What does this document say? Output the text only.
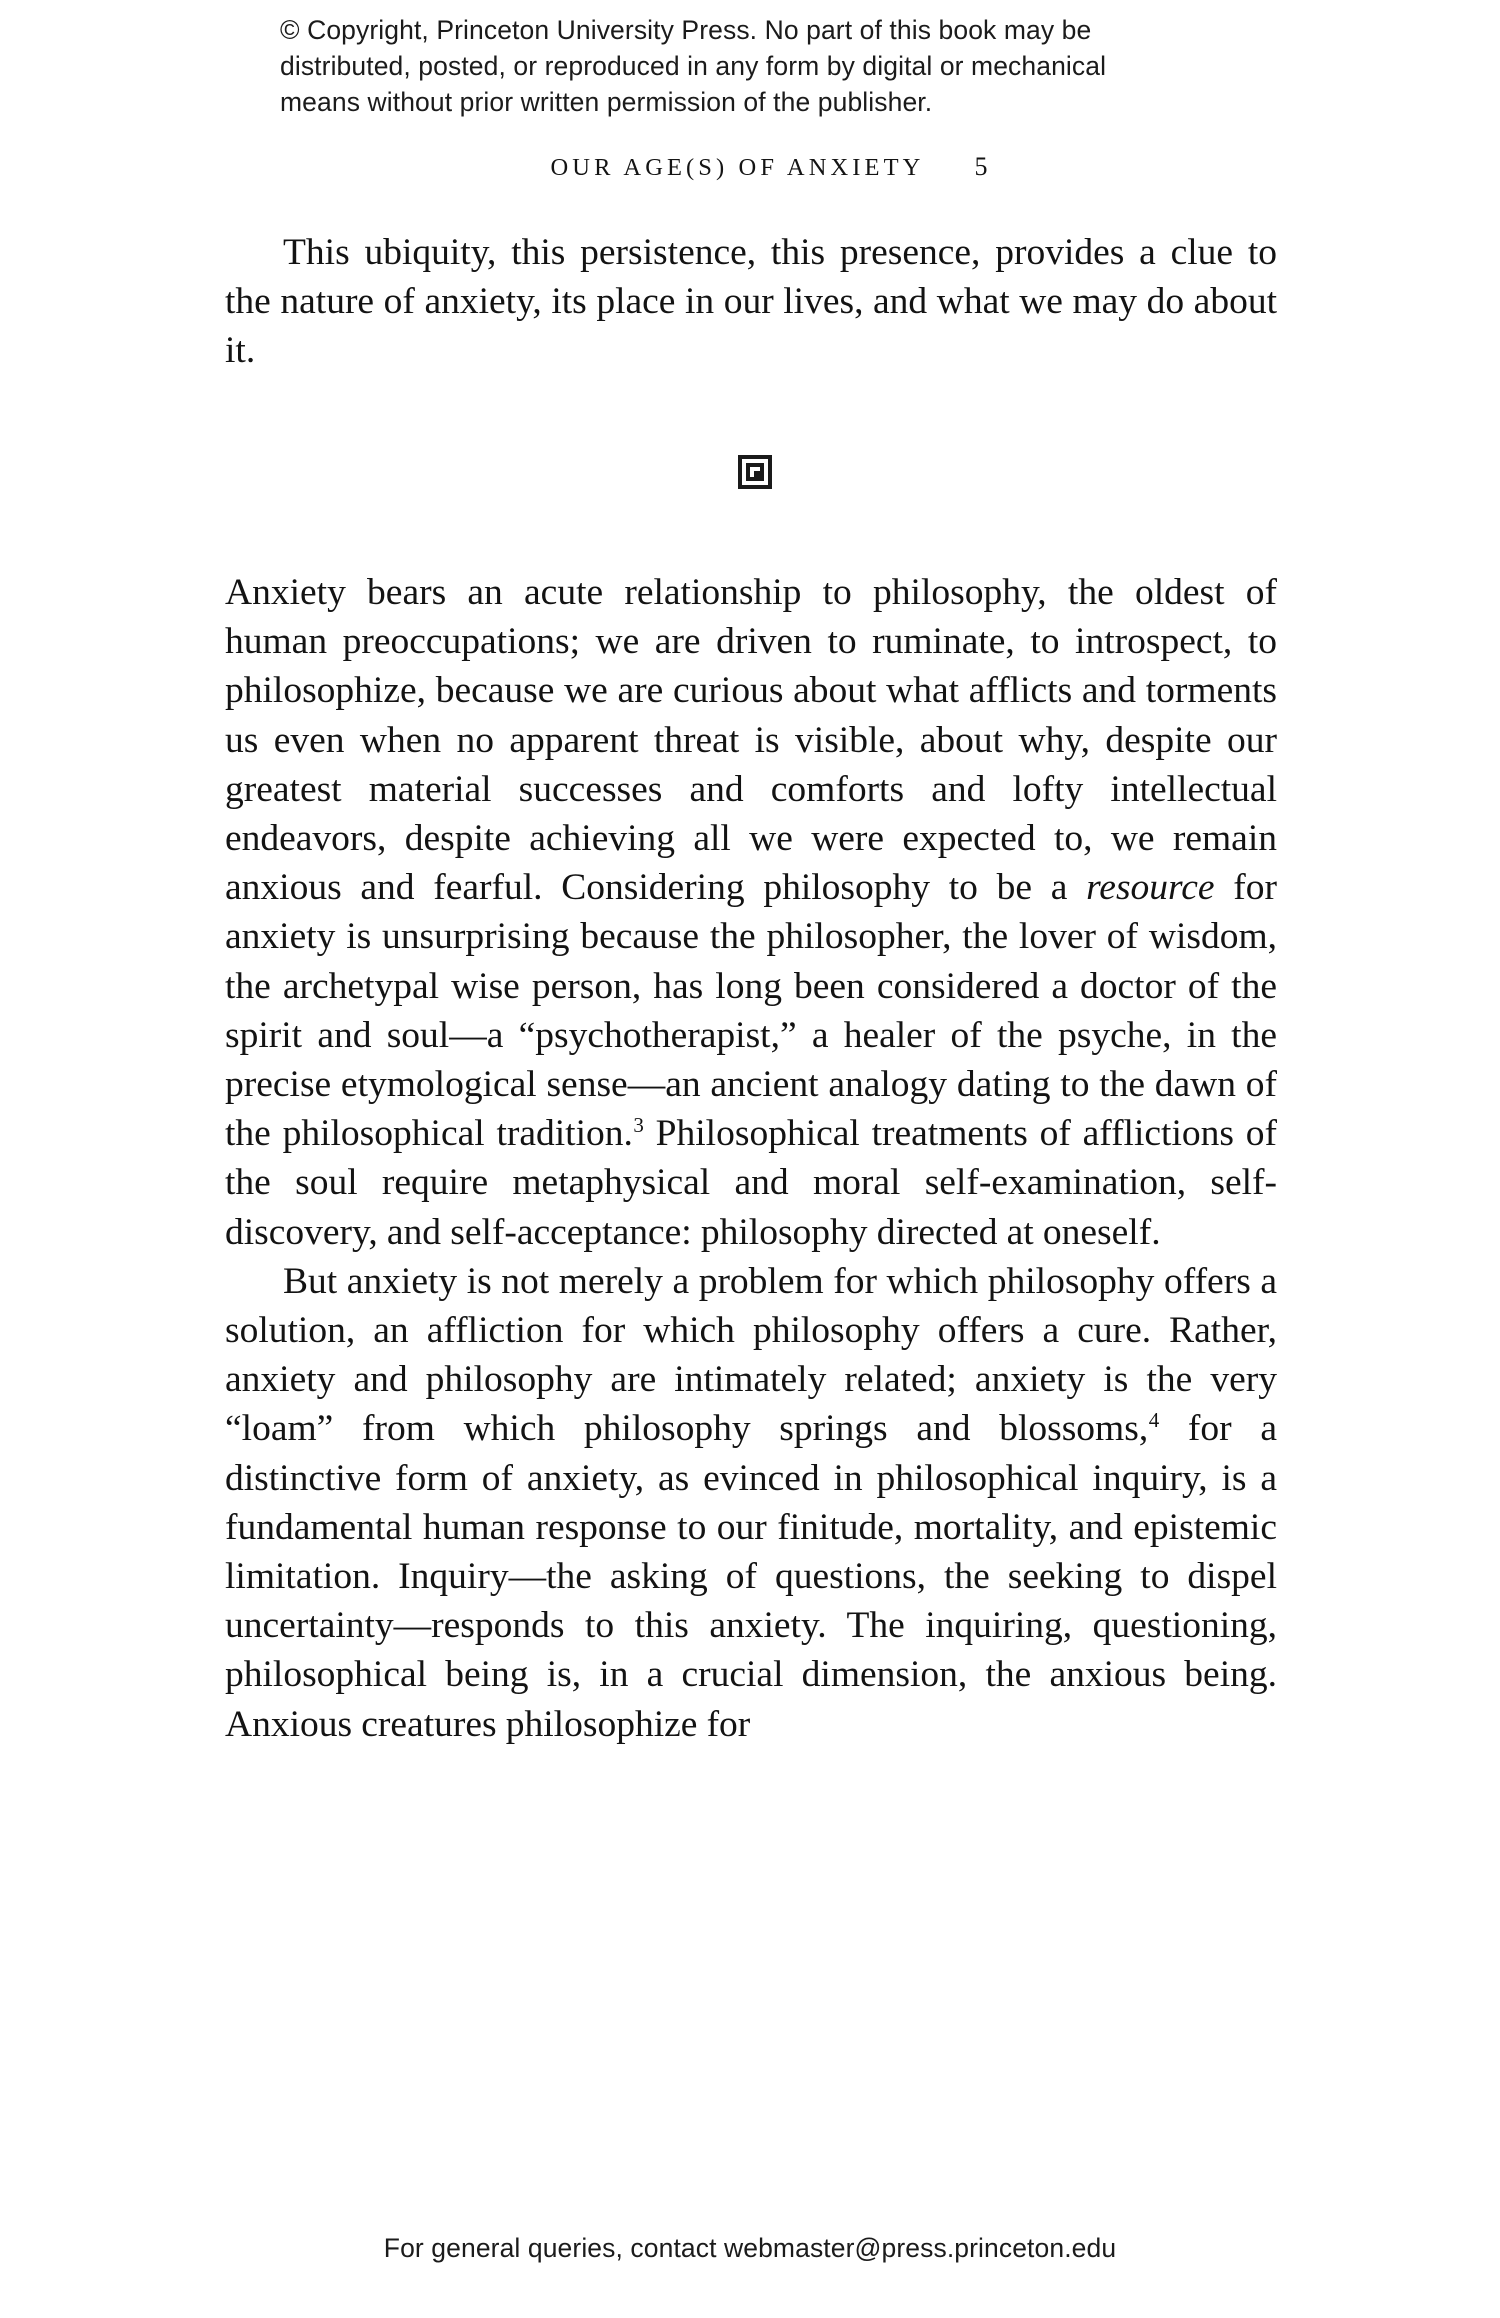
© Copyright, Princeton University Press. No part of this book may be
distributed, posted, or reproduced in any form by digital or mechanical
means without prior written permission of the publisher.
OUR AGE(S) OF ANXIETY 5

This ubiquity, this persistence, this presence, provides a clue to the nature of anxiety, its place in our lives, and what we may do about it.

Anxiety bears an acute relationship to philosophy, the oldest of human preoccupations; we are driven to ruminate, to introspect, to philosophize, because we are curious about what afflicts and torments us even when no apparent threat is visible, about why, despite our greatest material successes and comforts and lofty intellectual endeavors, despite achieving all we were expected to, we remain anxious and fearful. Considering philosophy to be a resource for anxiety is unsurprising because the philosopher, the lover of wisdom, the archetypal wise person, has long been considered a doctor of the spirit and soul—a “psychotherapist,” a healer of the psyche, in the precise etymological sense—an ancient analogy dating to the dawn of the philosophical tradition.$^3$ Philosophical treatments of afflictions of the soul require metaphysical and moral self-examination, self-discovery, and self-acceptance: philosophy directed at oneself.

But anxiety is not merely a problem for which philosophy offers a solution, an affliction for which philosophy offers a cure. Rather, anxiety and philosophy are intimately related; anxiety is the very “loam” from which philosophy springs and blossoms,$^4$ for a distinctive form of anxiety, as evinced in philosophical inquiry, is a fundamental human response to our finitude, mortality, and epistemic limitation. Inquiry—the asking of questions, the seeking to dispel uncertainty—responds to this anxiety. The inquiring, questioning, philosophical being is, in a crucial dimension, the anxious being. Anxious creatures philosophize for

For general queries, contact webmaster@press.princeton.edu
